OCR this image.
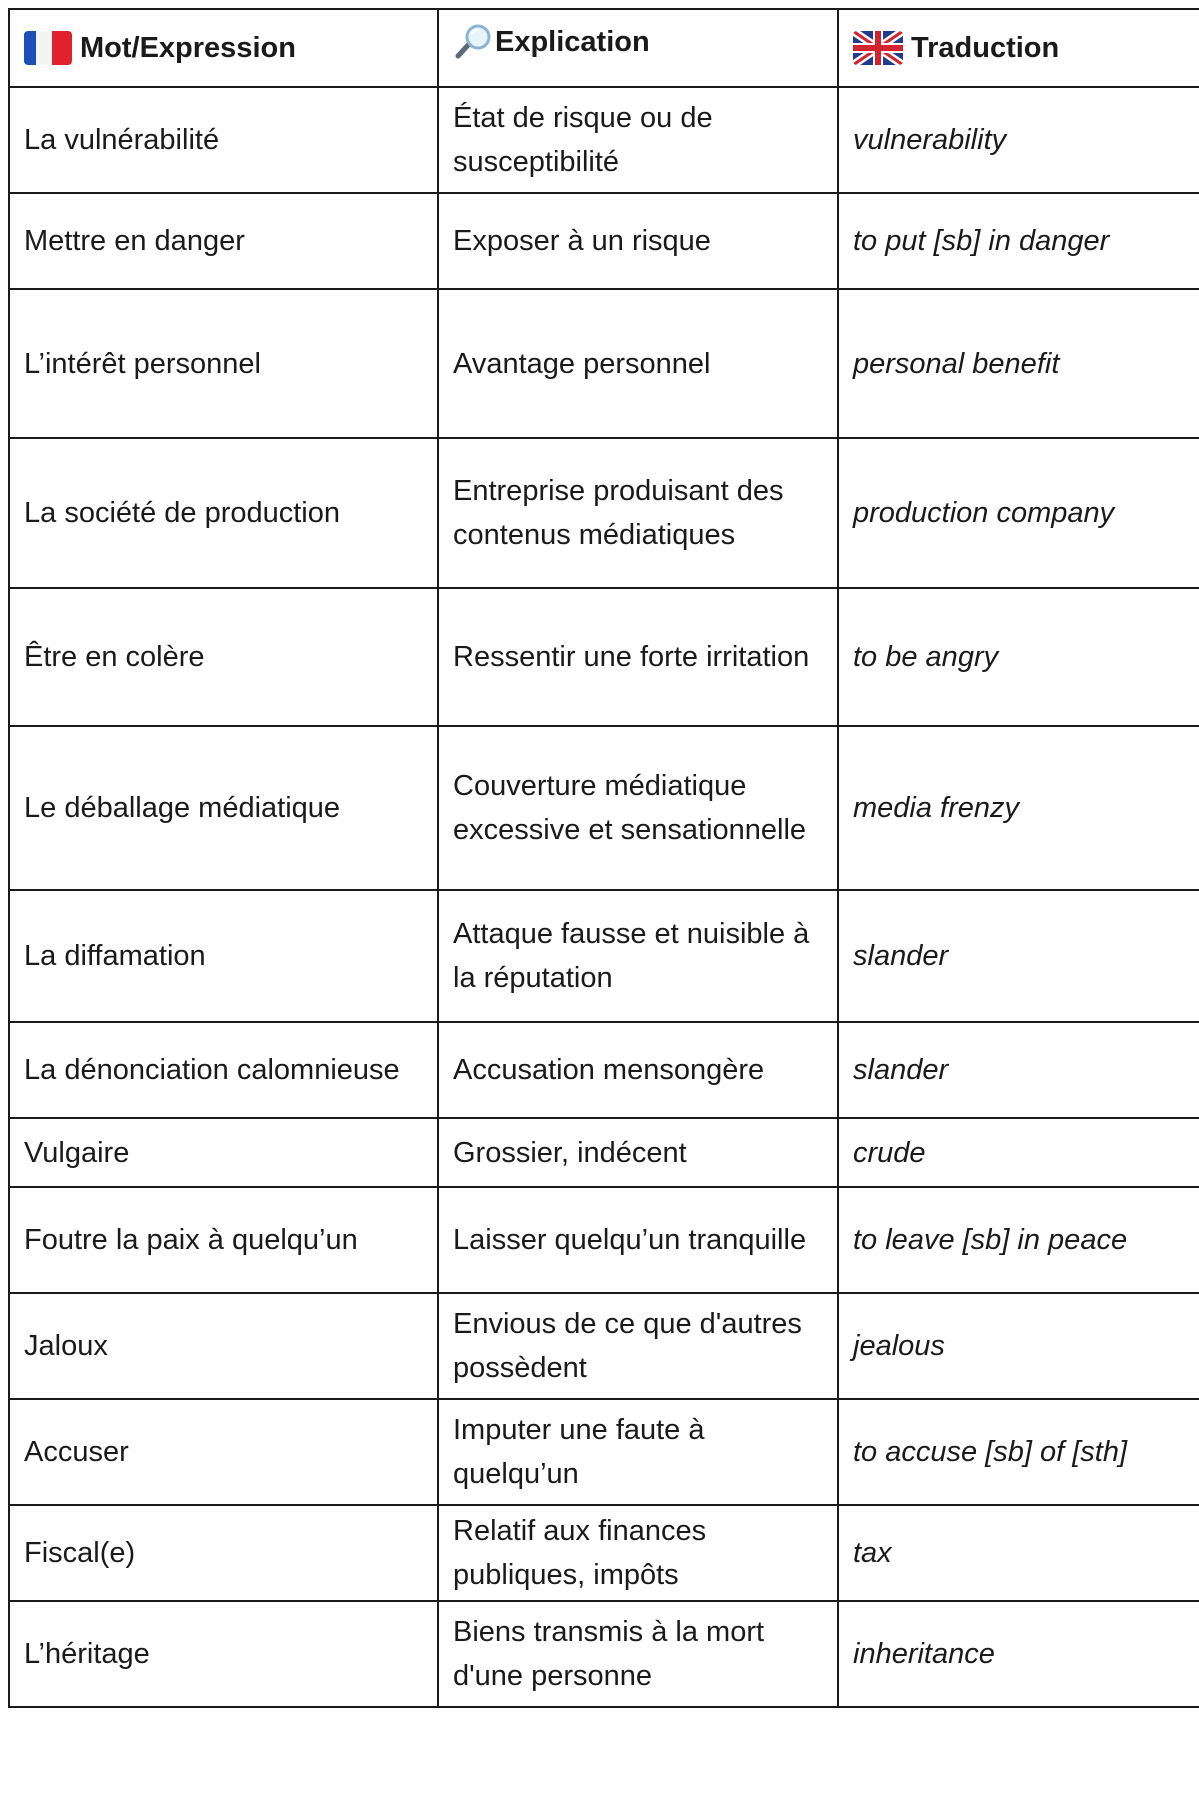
Mot/Expression	Explication	Traduction

La vulnérabilité	État de risque ou de susceptibilité	vulnerability
Mettre en danger	Exposer à un risque	to put [sb] in danger
L’intérêt personnel	Avantage personnel	personal benefit
La société de production	Entreprise produisant des contenus médiatiques	production company
Être en colère	Ressentir une forte irritation	to be angry
Le déballage médiatique	Couverture médiatique excessive et sensationnelle	media frenzy
La diffamation	Attaque fausse et nuisible à la réputation	slander
La dénonciation calomnieuse	Accusation mensongère	slander
Vulgaire	Grossier, indécent	crude
Foutre la paix à quelqu’un	Laisser quelqu’un tranquille	to leave [sb] in peace
Jaloux	Envious de ce que d'autres possèdent	jealous
Accuser	Imputer une faute à quelqu’un	to accuse [sb] of [sth]
Fiscal(e)	Relatif aux finances publiques, impôts	tax
L’héritage	Biens transmis à la mort d'une personne	inheritance
